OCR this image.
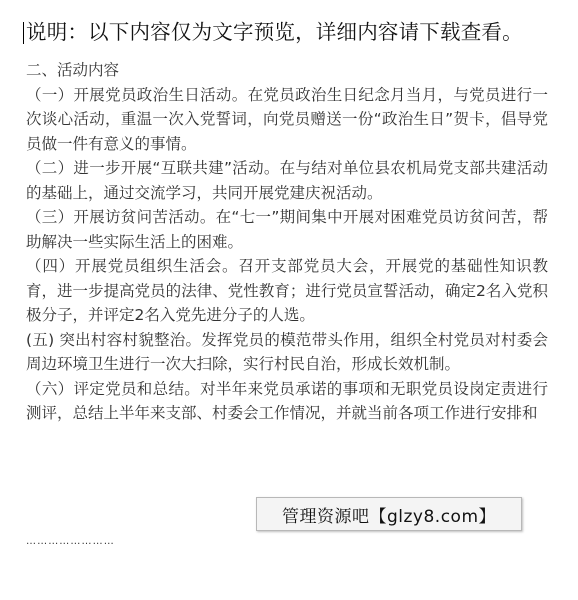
说明：以下内容仅为文字预览，详细内容请下载查看。

二、活动内容

（一）开展党员政治生日活动。在党员政治生日纪念月当月，与党员进行一次谈心活动，重温一次入党誓词，向党员赠送一份“政治生日”贺卡，倡导党员做一件有意义的事情。

（二）进一步开展“互联共建”活动。在与结对单位县农机局党支部共建活动的基础上，通过交流学习，共同开展党建庆祝活动。

（三）开展访贫问苦活动。在“七一”期间集中开展对困难党员访贫问苦，帮助解决一些实际生活上的困难。

（四）开展党员组织生活会。召开支部党员大会，开展党的基础性知识教育，进一步提高党员的法律、党性教育；进行党员宣誓活动，确定2名入党积极分子，并评定2名入党先进分子的人选。

(五) 突出村容村貌整治。发挥党员的模范带头作用，组织全村党员对村委会周边环境卫生进行一次大扫除，实行村民自治，形成长效机制。

（六）评定党员和总结。对半年来党员承诺的事项和无职党员设岗定责进行测评，总结上半年来支部、村委会工作情况，并就当前各项工作进行安排和

……………………
管理资源吧【glzy8.com】
